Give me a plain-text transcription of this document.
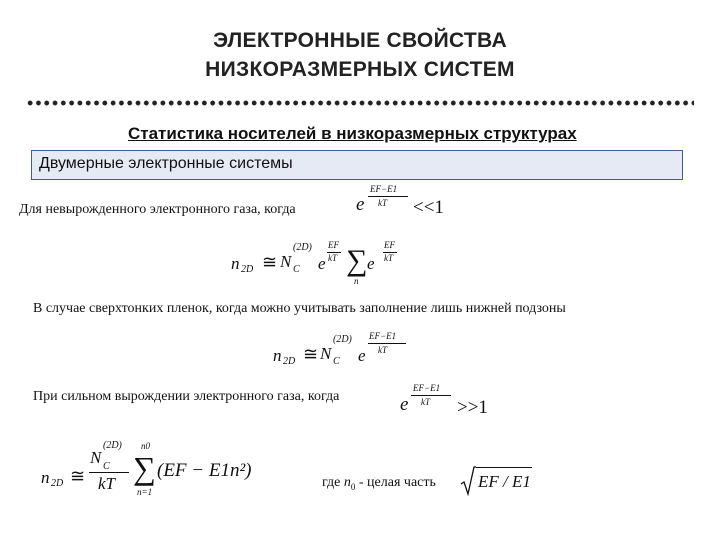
ЭЛЕКТРОННЫЕ СВОЙСТВА
НИЗКОРАЗМЕРНЫХ СИСТЕМ
Статистика носителей в низкоразмерных структурах
Двумерные электронные системы
Для невырожденного электронного газа, когда	e
EF−E1
kT <<1
n 2D ≅ N
(2D)
C e
EF
kT ∑
n
e
EF
kT
В случае сверхтонких пленок, когда можно учитывать заполнение лишь нижней подзоны
n 2D ≅ N
(2D)
C e
EF−E1
kT
При сильном вырождении электронного газа, когда	e
EF−E1
kT >>1
n 2D ≅
N
(2D)
C
kT
n0
∑
n=1
(EF − E1n²)
где $n_0$ - целая часть EF / E1
